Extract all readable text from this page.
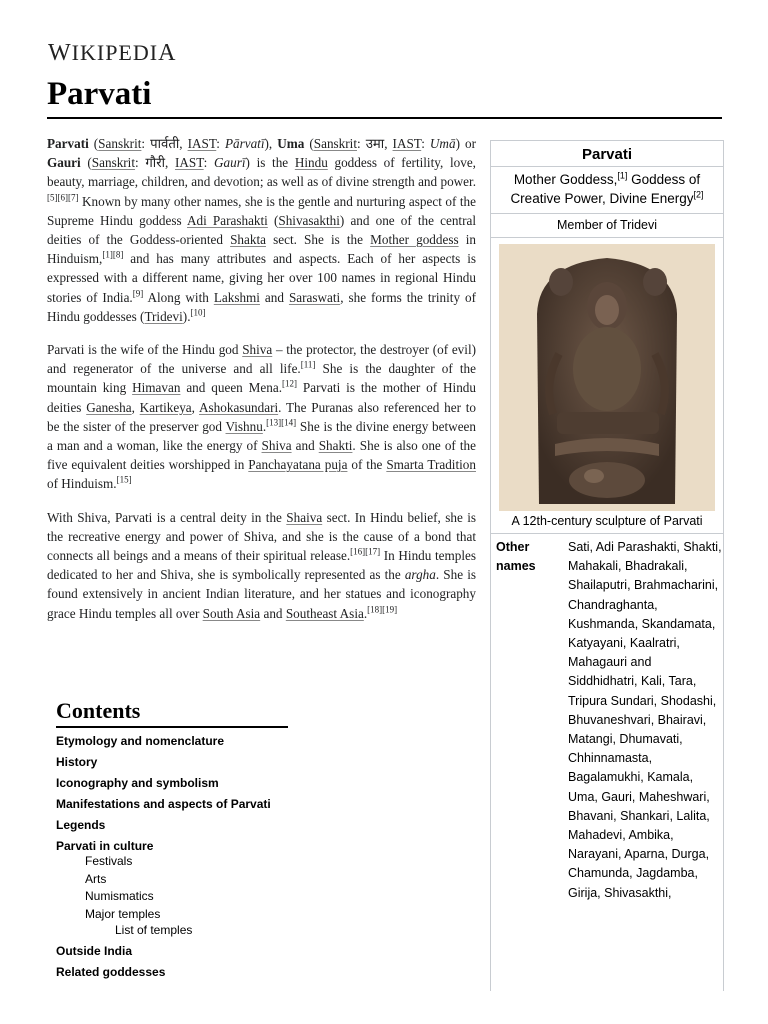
WIKIPEDIA
Parvati

Parvati (Sanskrit: पार्वती, IAST: Pārvatī), Uma (Sanskrit: उमा, IAST: Umā) or Gauri (Sanskrit: गौरी, IAST: Gaurī) is the Hindu goddess of fertility, love, beauty, marriage, children, and devotion; as well as of divine strength and power.[5][6][7] Known by many other names, she is the gentle and nurturing aspect of the Supreme Hindu goddess Adi Parashakti (Shivasakthi) and one of the central deities of the Goddess-oriented Shakta sect. She is the Mother goddess in Hinduism,[1][8] and has many attributes and aspects. Each of her aspects is expressed with a different name, giving her over 100 names in regional Hindu stories of India.[9] Along with Lakshmi and Saraswati, she forms the trinity of Hindu goddesses (Tridevi).[10]

Parvati is the wife of the Hindu god Shiva – the protector, the destroyer (of evil) and regenerator of the universe and all life.[11] She is the daughter of the mountain king Himavan and queen Mena.[12] Parvati is the mother of Hindu deities Ganesha, Kartikeya, Ashokasundari. The Puranas also referenced her to be the sister of the preserver god Vishnu.[13][14] She is the divine energy between a man and a woman, like the energy of Shiva and Shakti. She is also one of the five equivalent deities worshipped in Panchayatana puja of the Smarta Tradition of Hinduism.[15]

With Shiva, Parvati is a central deity in the Shaiva sect. In Hindu belief, she is the recreative energy and power of Shiva, and she is the cause of a bond that connects all beings and a means of their spiritual release.[16][17] In Hindu temples dedicated to her and Shiva, she is symbolically represented as the argha. She is found extensively in ancient Indian literature, and her statues and iconography grace Hindu temples all over South Asia and Southeast Asia.[18][19]

Contents
Etymology and nomenclature
History
Iconography and symbolism
Manifestations and aspects of Parvati
Legends
Parvati in culture
Festivals
Arts
Numismatics
Major temples
List of temples
Outside India
Related goddesses
Parvati
Mother Goddess,[1] Goddess of Creative Power, Divine Energy[2]
Member of Tridevi
A 12th-century sculpture of Parvati
Other names
Sati, Adi Parashakti, Shakti, Mahakali, Bhadrakali, Shailaputri, Brahmacharini, Chandraghanta, Kushmanda, Skandamata, Katyayani, Kaalratri, Mahagauri and Siddhidhatri, Kali, Tara, Tripura Sundari, Shodashi, Bhuvaneshvari, Bhairavi, Matangi, Dhumavati, Chhinnamasta, Bagalamukhi, Kamala, Uma, Gauri, Maheshwari, Bhavani, Shankari, Lalita, Mahadevi, Ambika, Narayani, Aparna, Durga, Chamunda, Jagdamba, Girija, Shivasakthi,
